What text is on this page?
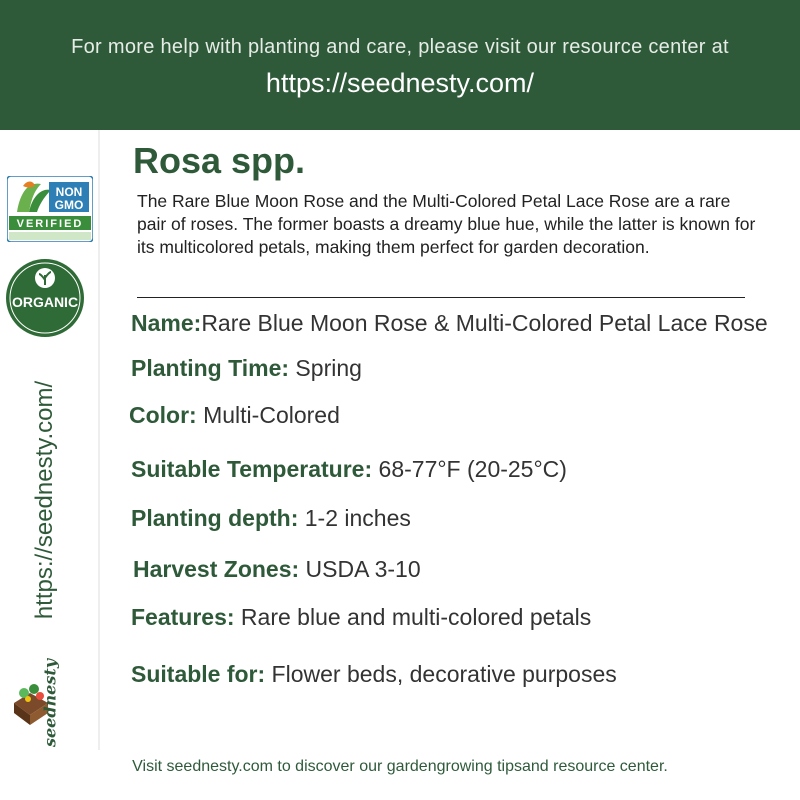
For more help with planting and care, please visit our resource center at
https://seednesty.com/
NON
GMO
VERIFIED
ORGANIC
https://seednesty.com/
seednesty
Rosa spp.
The Rare Blue Moon Rose and the Multi-Colored Petal Lace Rose are a rare pair of roses. The former boasts a dreamy blue hue, while the latter is known for its multicolored petals, making them perfect for garden decoration.
Name:Rare Blue Moon Rose & Multi-Colored Petal Lace Rose
Planting Time: Spring
Color: Multi-Colored
Suitable Temperature: 68-77°F (20-25°C)
Planting depth: 1-2 inches
Harvest Zones: USDA 3-10
Features: Rare blue and multi-colored petals
Suitable for: Flower beds, decorative purposes
Visit seednesty.com to discover our gardengrowing tipsand resource center.
